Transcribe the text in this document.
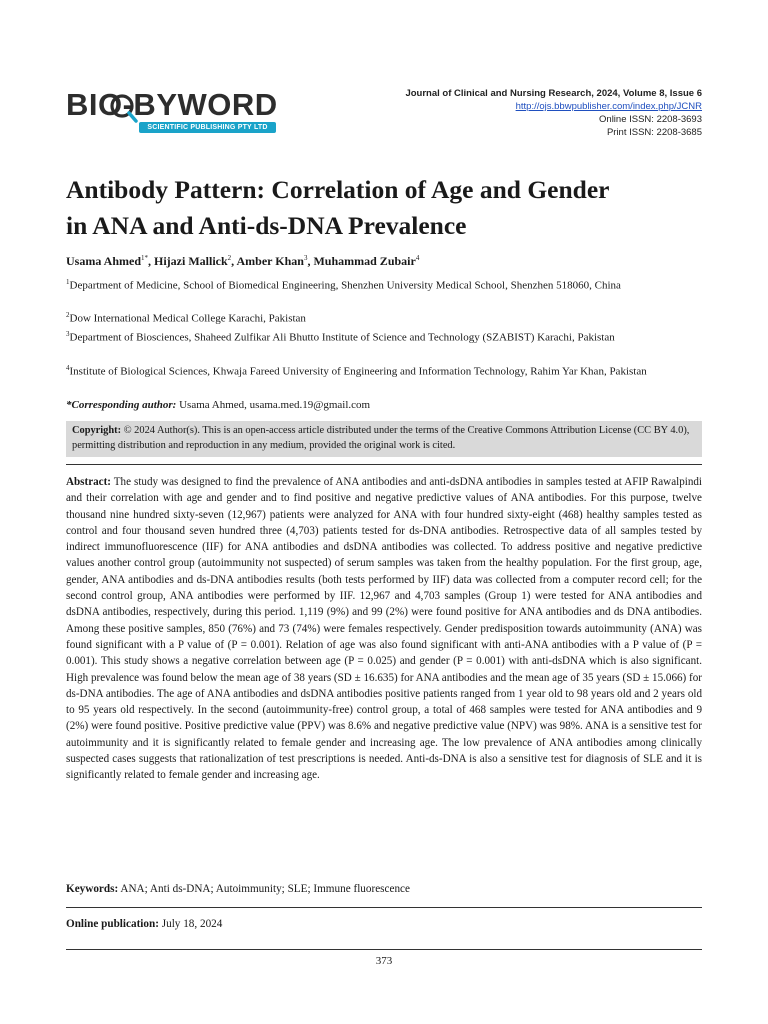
BIO-BYWORD
SCIENTIFIC PUBLISHING PTY LTD
Journal of Clinical and Nursing Research, 2024, Volume 8, Issue 6
http://ojs.bbwpublisher.com/index.php/JCNR
Online ISSN: 2208-3693
Print ISSN: 2208-3685
Antibody Pattern: Correlation of Age and Gender
in ANA and Anti-ds-DNA Prevalence
Usama Ahmed$^{1*}$, Hijazi Mallick$^2$, Amber Khan$^3$, Muhammad Zubair$^4$
$^1$Department of Medicine, School of Biomedical Engineering, Shenzhen University Medical School, Shenzhen 518060, China
$^2$Dow International Medical College Karachi, Pakistan
$^3$Department of Biosciences, Shaheed Zulfikar Ali Bhutto Institute of Science and Technology (SZABIST) Karachi, Pakistan
$^4$Institute of Biological Sciences, Khwaja Fareed University of Engineering and Information Technology, Rahim Yar Khan, Pakistan
*Corresponding author: Usama Ahmed, usama.med.19@gmail.com
Copyright: © 2024 Author(s). This is an open-access article distributed under the terms of the Creative Commons Attribution License (CC BY 4.0), permitting distribution and reproduction in any medium, provided the original work is cited.
Abstract: The study was designed to find the prevalence of ANA antibodies and anti-dsDNA antibodies in samples tested at AFIP Rawalpindi and their correlation with age and gender and to find positive and negative predictive values of ANA antibodies. For this purpose, twelve thousand nine hundred sixty-seven (12,967) patients were analyzed for ANA with four hundred sixty-eight (468) healthy samples tested as control and four thousand seven hundred three (4,703) patients tested for ds-DNA antibodies. Retrospective data of all samples tested by indirect immunofluorescence (IIF) for ANA antibodies and dsDNA antibodies was collected. To address positive and negative predictive values another control group (autoimmunity not suspected) of serum samples was taken from the healthy population. For the first group, age, gender, ANA antibodies and ds-DNA antibodies results (both tests performed by IIF) data was collected from a computer record cell; for the second control group, ANA antibodies were performed by IIF. 12,967 and 4,703 samples (Group 1) were tested for ANA antibodies and dsDNA antibodies, respectively, during this period. 1,119 (9%) and 99 (2%) were found positive for ANA antibodies and ds DNA antibodies. Among these positive samples, 850 (76%) and 73 (74%) were females respectively. Gender predisposition towards autoimmunity (ANA) was found significant with a P value of (P = 0.001). Relation of age was also found significant with anti-ANA antibodies with a P value of (P = 0.001). This study shows a negative correlation between age (P = 0.025) and gender (P = 0.001) with anti-dsDNA which is also significant. High prevalence was found below the mean age of 38 years (SD ± 16.635) for ANA antibodies and the mean age of 35 years (SD ± 15.066) for ds-DNA antibodies. The age of ANA antibodies and dsDNA antibodies positive patients ranged from 1 year old to 98 years old and 2 years old to 95 years old respectively. In the second (autoimmunity-free) control group, a total of 468 samples were tested for ANA antibodies and 9 (2%) were found positive. Positive predictive value (PPV) was 8.6% and negative predictive value (NPV) was 98%. ANA is a sensitive test for autoimmunity and it is significantly related to female gender and increasing age. The low prevalence of ANA antibodies among clinically suspected cases suggests that rationalization of test prescriptions is needed. Anti-ds-DNA is also a sensitive test for diagnosis of SLE and it is significantly related to female gender and increasing age.
Keywords: ANA; Anti ds-DNA; Autoimmunity; SLE; Immune fluorescence
Online publication: July 18, 2024
373
